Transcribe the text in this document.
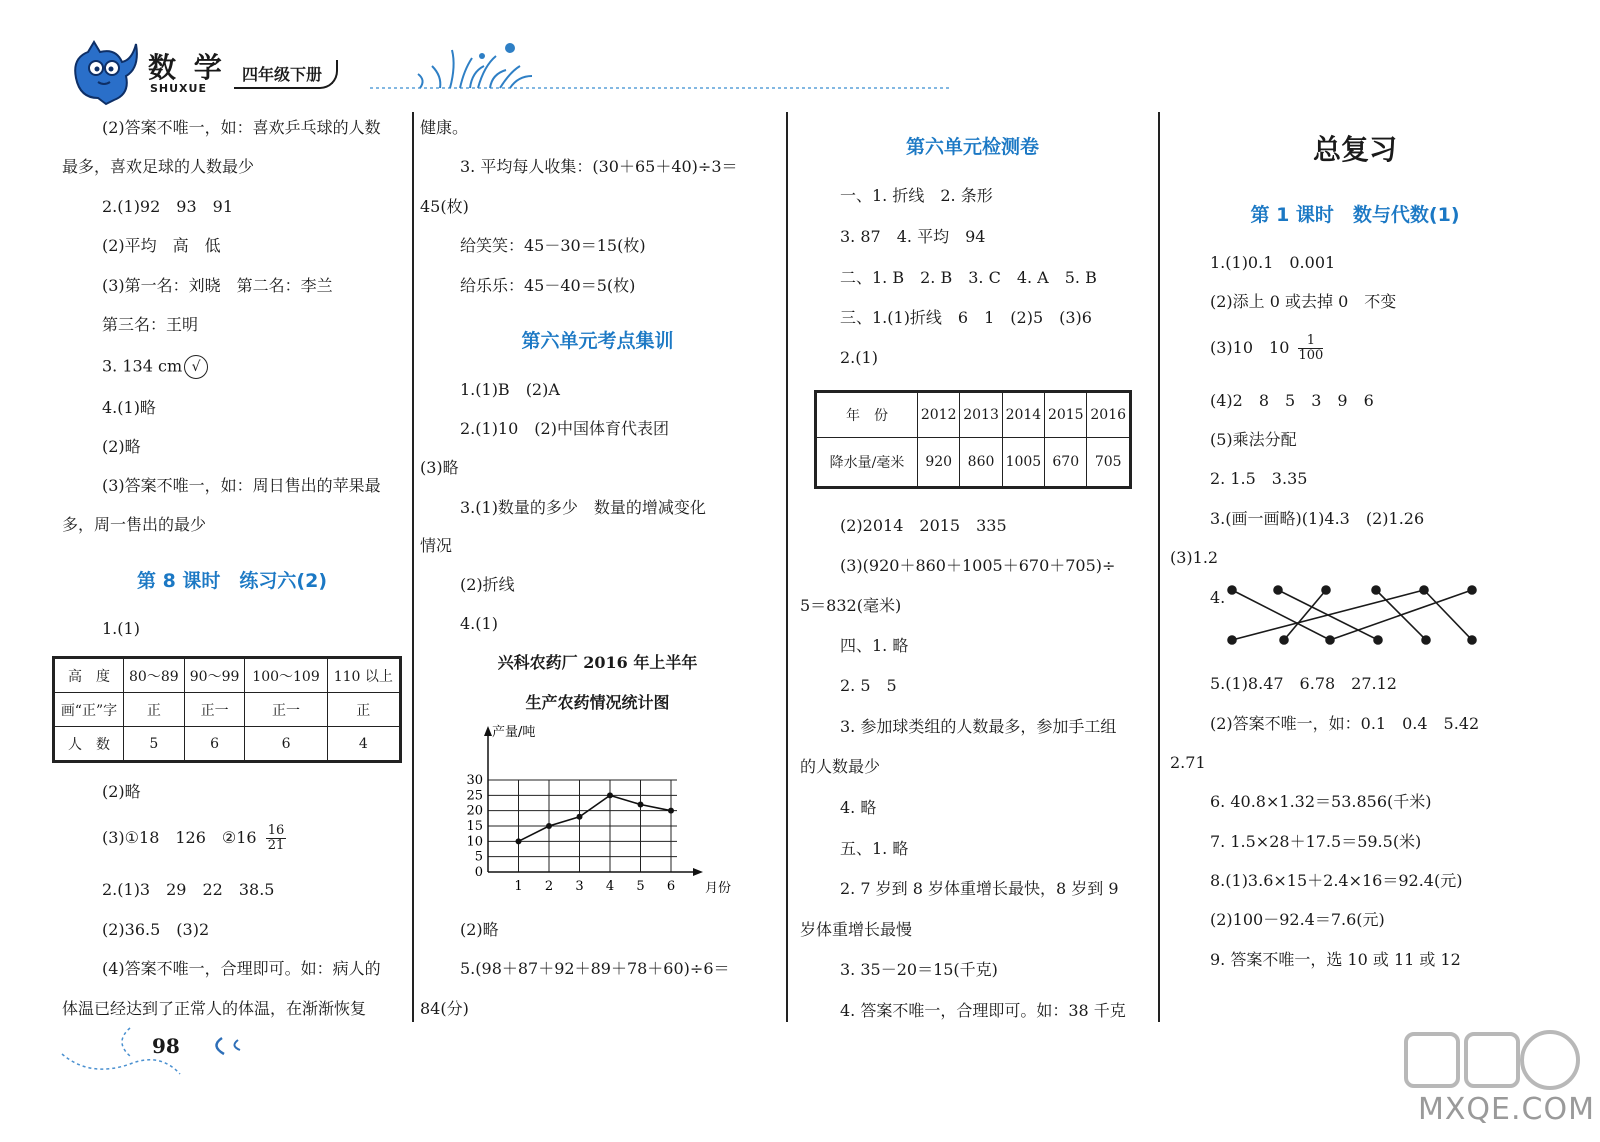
数 学
SHUXUE
四年级下册
(2)答案不唯一，如：喜欢乒乓球的人数
最多，喜欢足球的人数最少
2.(1)92　93　91
(2)平均　高　低
(3)第一名：刘晓　第二名：李兰
第三名：王明
3. 134 cm √
4.(1)略
(2)略
(3)答案不唯一，如：周日售出的苹果最
多，周一售出的最少
第 8 课时　练习六(2)
1.(1)
高　度	80～89	90～99	100～109	110 以上
画“正”字	正	正一	正一	正
人　数	5	6	6	4
(2)略
(3)①18　126　②16 $\frac{16}{21}$
2.(1)3　29　22　38.5
(2)36.5　(3)2
(4)答案不唯一，合理即可。如：病人的
体温已经达到了正常人的体温，在渐渐恢复
健康。
3. 平均每人收集：(30＋65＋40)÷3＝
45(枚)
给笑笑：45－30＝15(枚)
给乐乐：45－40＝5(枚)
第六单元考点集训
1.(1)B　(2)A
2.(1)10　(2)中国体育代表团
(3)略
3.(1)数量的多少　数量的增减变化
情况
(2)折线
4.(1)
兴科农药厂 2016 年上半年
生产农药情况统计图
0
5
10
15
20
25
30
1 2 3 4 5 6
产量/吨
月份
(2)略
5.(98＋87＋92＋89＋78＋60)÷6＝
84(分)
第六单元检测卷
一、1. 折线　2. 条形
3. 87　4. 平均　94
二、1. B　2. B　3. C　4. A　5. B
三、1.(1)折线　6　1　(2)5　(3)6
2.(1)
年　份	2012	2013	2014	2015	2016
降水量/毫米	920	860	1005	670	705
(2)2014　2015　335
(3)(920＋860＋1005＋670＋705)÷
5＝832(毫米)
四、1. 略
2. 5　5
3. 参加球类组的人数最多，参加手工组
的人数最少
4. 略
五、1. 略
2. 7 岁到 8 岁体重增长最快，8 岁到 9
岁体重增长最慢
3. 35－20＝15(千克)
4. 答案不唯一，合理即可。如：38 千克
总复习
第 1 课时　数与代数(1)
1.(1)0.1　0.001
(2)添上 0 或去掉 0　不变
(3)10　$10 \frac{1}{100}$
(4)2　8　5　3　9　6
(5)乘法分配
2. 1.5　3.35
3.(画一画略)(1)4.3　(2)1.26
(3)1.2
4.
5.(1)8.47　6.78　27.12
(2)答案不唯一，如：0.1　0.4　5.42
2.71
6. 40.8×1.32＝53.856(千米)
7. 1.5×28＋17.5＝59.5(米)
8.(1)3.6×15＋2.4×16＝92.4(元)
(2)100－92.4＝7.6(元)
9. 答案不唯一，选 10 或 11 或 12
98
MXQE.COM
